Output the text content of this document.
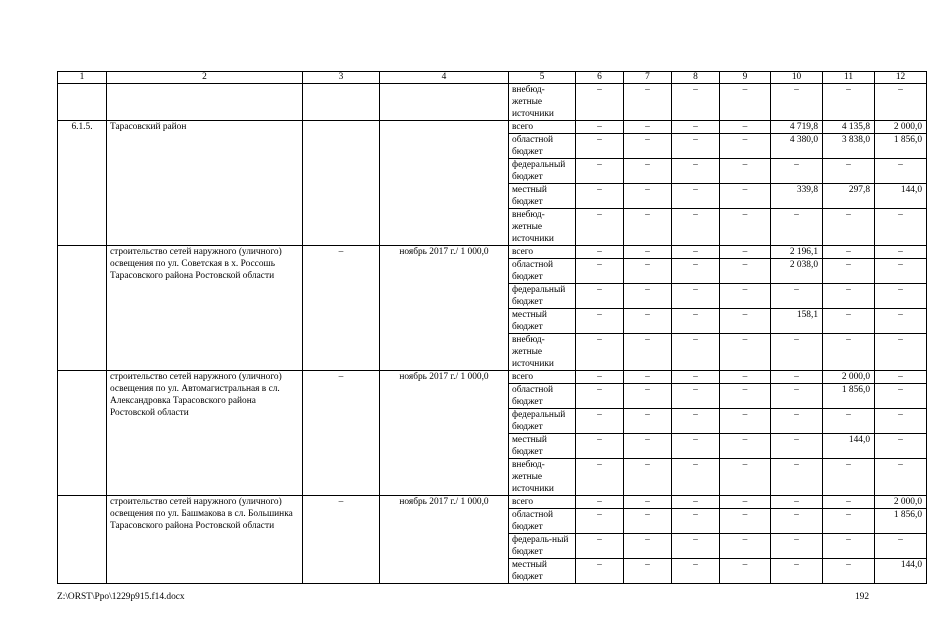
1	2	3	4	5	6	7	8	9	10	11	12
				внебюд-жетные источники	–	–	–	–	–	–	–
6.1.5.	Тарасовский район			всего	–	–	–	–	4 719,8	4 135,8	2 000,0
				областной бюджет	–	–	–	–	4 380,0	3 838,0	1 856,0
				федеральный бюджет	–	–	–	–	–	–	–
				местный бюджет	–	–	–	–	339,8	297,8	144,0
				внебюд-жетные источники	–	–	–	–	–	–	–
	строительство сетей наружного (уличного) освещения по ул. Советская в х. Россошь Тарасовского района Ростовской области	–	ноябрь 2017 г./ 1 000,0	всего	–	–	–	–	2 196,1	–	–
				областной бюджет	–	–	–	–	2 038,0	–	–
				федеральный бюджет	–	–	–	–	–	–	–
				местный бюджет	–	–	–	–	158,1	–	–
				внебюд-жетные источники	–	–	–	–	–	–	–
	строительство сетей наружного (уличного) освещения по ул. Автомагистральная в сл. Александровка Тарасовского района Ростовской области	–	ноябрь 2017 г./ 1 000,0	всего	–	–	–	–	–	2 000,0	–
				областной бюджет	–	–	–	–	–	1 856,0	–
				федеральный бюджет	–	–	–	–	–	–	–
				местный бюджет	–	–	–	–	–	144,0	–
				внебюд-жетные источники	–	–	–	–	–	–	–
	строительство сетей наружного (уличного) освещения по ул. Башмакова в сл. Большинка Тарасовского района Ростовской области	–	ноябрь 2017 г./ 1 000,0	всего	–	–	–	–	–	–	2 000,0
				областной бюджет	–	–	–	–	–	–	1 856,0
				федераль-ный бюджет	–	–	–	–	–	–	–
				местный бюджет	–	–	–	–	–	–	144,0
Z:\ORST\Ppo\1229p915.f14.docx	192
